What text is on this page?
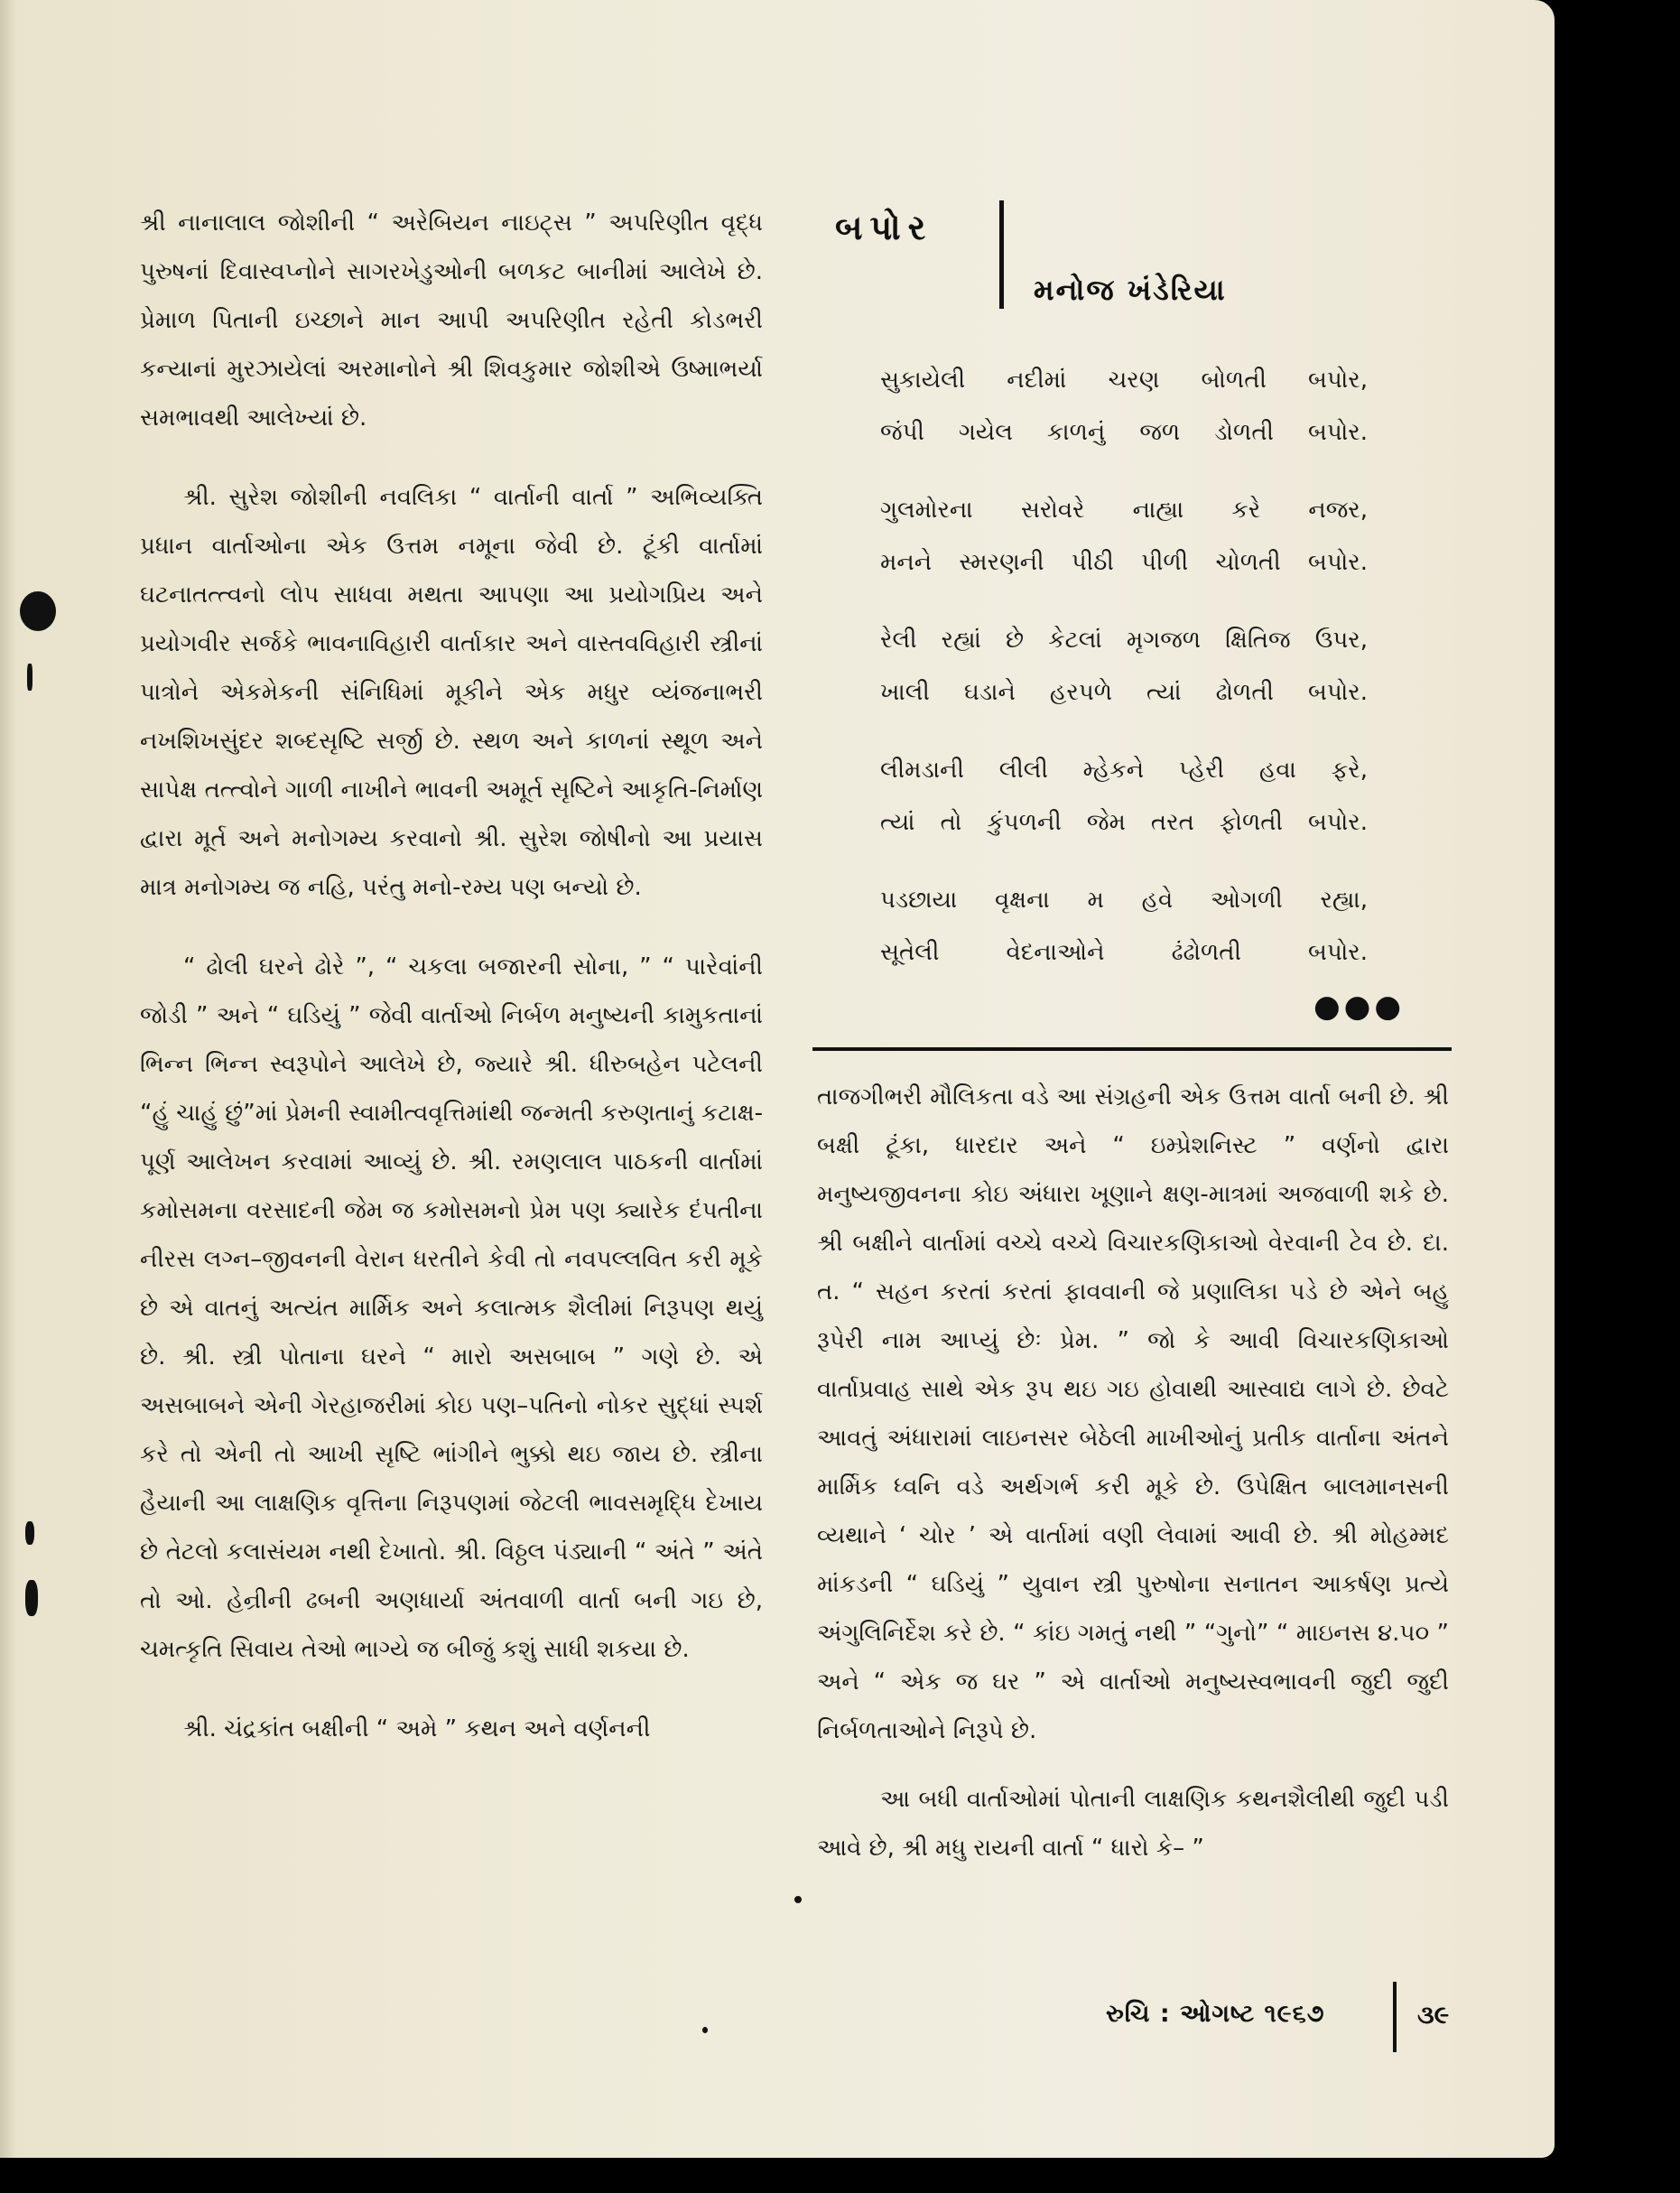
શ્રી નાનાલાલ જોશીની “ અરેબિયન નાઇટ્સ ” અપરિણીત વૃદ્ધ પુરુષનાં દિવાસ્વપ્નોને સાગરખેડુઓની બળકટ બાનીમાં આલેખે છે. પ્રેમાળ પિતાની ઇચ્છાને માન આપી અપરિણીત રહેતી કોડભરી કન્યાનાં મુરઝાયેલાં અરમાનોને શ્રી શિવકુમાર જોશીએ ઉષ્માભર્યા સમભાવથી આલેખ્યાં છે.

શ્રી. સુરેશ જોશીની નવલિકા “ વાર્તાની વાર્તા ” અભિવ્યક્તિ પ્રધાન વાર્તાઓના એક ઉત્તમ નમૂના જેવી છે. ટૂંકી વાર્તામાં ઘટનાતત્ત્વનો લોપ સાધવા મથતા આપણા આ પ્રયોગપ્રિય અને પ્રયોગવીર સર્જકે ભાવનાવિહારી વાર્તાકાર અને વાસ્તવવિહારી સ્ત્રીનાં પાત્રોને એકમેકની સંનિધિમાં મૂકીને એક મધુર વ્યંજનાભરી નખશિખસુંદર શબ્દસૃષ્ટિ સર્જી છે. સ્થળ અને કાળનાં સ્થૂળ અને સાપેક્ષ તત્ત્વોને ગાળી નાખીને ભાવની અમૂર્ત સૃષ્ટિને આકૃતિ-નિર્માણ દ્વારા મૂર્ત અને મનોગમ્ય કરવાનો શ્રી. સુરેશ જોષીનો આ પ્રયાસ માત્ર મનોગમ્ય જ નહિ, પરંતુ મનો-રમ્ય પણ બન્યો છે.

“ ઢોલી ઘરને ઢોરે ”, “ ચકલા બજારની સોના, ” “ પારેવાંની જોડી ” અને “ ઘડિયું ” જેવી વાર્તાઓ નિર્બળ મનુષ્યની કામુકતાનાં ભિન્ન ભિન્ન સ્વરૂપોને આલેખે છે, જ્યારે શ્રી. ધીરુબહેન પટેલની “હું ચાહું છું”માં પ્રેમની સ્વામીત્વવૃત્તિમાંથી જન્મતી કરુણતાનું કટાક્ષ-પૂર્ણ આલેખન કરવામાં આવ્યું છે. શ્રી. રમણલાલ પાઠકની વાર્તામાં કમોસમના વરસાદની જેમ જ કમોસમનો પ્રેમ પણ ક્યારેક દંપતીના નીરસ લગ્ન–જીવનની વેરાન ધરતીને કેવી તો નવપલ્લવિત કરી મૂકે છે એ વાતનું અત્યંત માર્મિક અને કલાત્મક શૈલીમાં નિરૂપણ થયું છે. શ્રી. સ્ત્રી પોતાના ઘરને “ મારો અસબાબ ” ગણે છે. એ અસબાબને એની ગેરહાજરીમાં કોઇ પણ–પતિનો નોકર સુદ્ધાં સ્પર્શ કરે તો એની તો આખી સૃષ્ટિ ભાંગીને ભુક્કો થઇ જાય છે. સ્ત્રીના હૈયાની આ લાક્ષણિક વૃત્તિના નિરૂપણમાં જેટલી ભાવસમૃદ્ધિ દેખાય છે તેટલો કલાસંયમ નથી દેખાતો. શ્રી. વિઠ્ઠલ પંડ્યાની “ અંતે ” અંતે તો ઓ. હેન્રીની ઢબની અણધાર્યા અંતવાળી વાર્તા બની ગઇ છે, ચમત્કૃતિ સિવાય તેઓ ભાગ્યે જ બીજું કશું સાધી શકયા છે.

શ્રી. ચંદ્રકાંત બક્ષીની “ અમે ” કથન અને વર્ણનની

બપોર
મનોજ ખંડેરિયા
સુકાયેલી નદીમાં ચરણ બોળતી બપોર,
જંપી ગયેલ કાળનું જળ ડોળતી બપોર.
ગુલમોરના સરોવરે નાહ્યા કરે નજર,
મનને સ્મરણની પીઠી પીળી ચોળતી બપોર.
રેલી રહ્યાં છે કેટલાં મૃગજળ ક્ષિતિજ ઉપર,
ખાલી ઘડાને હરપળે ત્યાં ઢોળતી બપોર.
લીમડાની લીલી મ્હેકને પ્હેરી હવા ફરે,
ત્યાં તો કુંપળની જેમ તરત ફોળતી બપોર.
પડછાયા વૃક્ષના મ હવે ઓગળી રહ્યા,
સૂતેલી વેદનાઓને ઢંઢોળતી બપોર.
●●●

તાજગીભરી મૌલિકતા વડે આ સંગ્રહની એક ઉત્તમ વાર્તા બની છે. શ્રી બક્ષી ટૂંકા, ધારદાર અને “ ઇમ્પ્રેશનિસ્ટ ” વર્ણનો દ્વારા મનુષ્યજીવનના કોઇ અંધારા ખૂણાને ક્ષણ-માત્રમાં અજવાળી શકે છે. શ્રી બક્ષીને વાર્તામાં વચ્ચે વચ્ચે વિચારકણિકાઓ વેરવાની ટેવ છે. દા. ત. “ સહન કરતાં કરતાં ફાવવાની જે પ્રણાલિકા પડે છે એને બહુ રૂપેરી નામ આપ્યું છેઃ પ્રેમ. ” જો કે આવી વિચારકણિકાઓ વાર્તાપ્રવાહ સાથે એક રૂપ થઇ ગઇ હોવાથી આસ્વાદ્ય લાગે છે. છેવટે આવતું અંધારામાં લાઇનસર બેઠેલી માખીઓનું પ્રતીક વાર્તાના અંતને માર્મિક ધ્વનિ વડે અર્થગર્ભ કરી મૂકે છે. ઉપેક્ષિત બાલમાનસની વ્યથાને ‘ ચોર ’ એ વાર્તામાં વણી લેવામાં આવી છે. શ્રી મોહમ્મદ માંકડની “ ઘડિયું ” યુવાન સ્ત્રી પુરુષોના સનાતન આકર્ષણ પ્રત્યે અંગુલિનિર્દેશ કરે છે. “ કાંઇ ગમતું નથી ” “ગુનો” “ માઇનસ ૪.૫૦ ” અને “ એક જ ઘર ” એ વાર્તાઓ મનુષ્યસ્વભાવની જુદી જુદી નિર્બળતાઓને નિરૂપે છે.

આ બધી વાર્તાઓમાં પોતાની લાક્ષણિક કથનશૈલીથી જુદી પડી આવે છે, શ્રી મધુ રાયની વાર્તા “ ધારો કે– ”

રુચિ : ઓગષ્ટ ૧૯૬૭	૩૯
